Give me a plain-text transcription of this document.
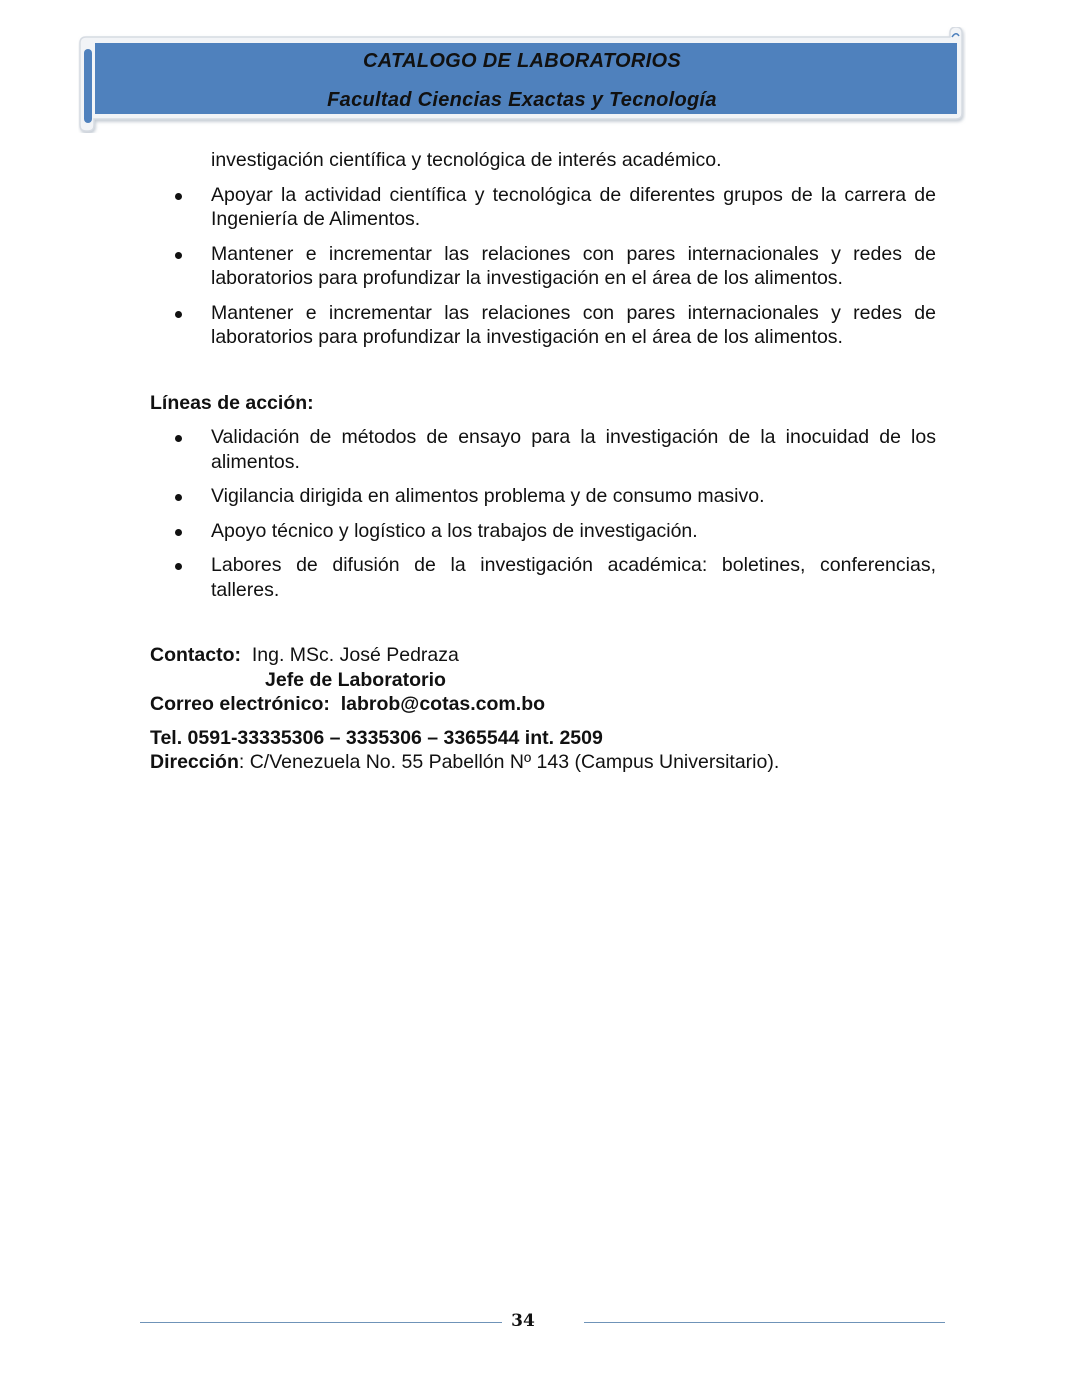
CATALOGO DE LABORATORIOS
Facultad Ciencias Exactas y Tecnología

investigación científica y tecnológica de interés académico.

Apoyar la actividad científica y tecnológica de diferentes grupos de la carrera de Ingeniería de Alimentos.
Mantener e incrementar las relaciones con pares internacionales y redes de laboratorios para profundizar la investigación en el área de los alimentos.
Mantener e incrementar las relaciones con pares internacionales y redes de laboratorios para profundizar la investigación en el área de los alimentos.
Líneas de acción:
Validación de métodos de ensayo para la investigación de la inocuidad de los alimentos.
Vigilancia dirigida en alimentos problema y de consumo masivo.
Apoyo técnico y logístico a los trabajos de investigación.
Labores de difusión de la investigación académica: boletines, conferencias, talleres.
Contacto: Ing. MSc. José Pedraza
Jefe de Laboratorio
Correo electrónico: labrob@cotas.com.bo
Tel. 0591-33335306 – 3335306 – 3365544 int. 2509
Dirección: C/Venezuela No. 55 Pabellón Nº 143 (Campus Universitario).
34
